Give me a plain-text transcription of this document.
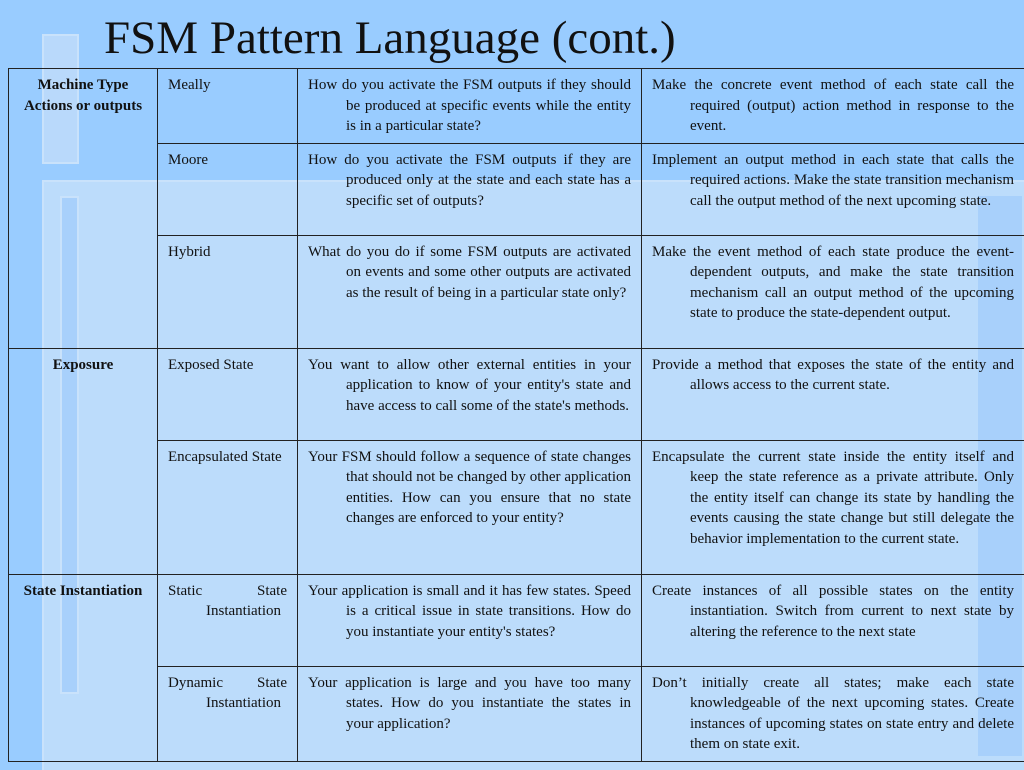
FSM Pattern Language (cont.)
Machine Type Actions or outputs	Meally	How do you activate the FSM outputs if they should be produced at specific events while the entity is in a particular state?	Make the concrete event method of each state call the required (output) action method in response to the event.

	Moore	How do you activate the FSM outputs if they are produced only at the state and each state has a specific set of outputs?	Implement an output method in each state that calls the required actions. Make the state transition mechanism call the output method of the next upcoming state.

	Hybrid	What do you do if some FSM outputs are activated on events and some other outputs are activated as the result of being in a particular state only?	Make the event method of each state produce the event-dependent outputs, and make the state transition mechanism call an output method of the upcoming state to produce the state-dependent output.

Exposure	Exposed State	You want to allow other external entities in your application to know of your entity's state and have access to call some of the state's methods.	Provide a method that exposes the state of the entity and allows access to the current state.

	Encapsulated State	Your FSM should follow a sequence of state changes that should not be changed by other application entities. How can you ensure that no state changes are enforced to your entity?	Encapsulate the current state inside the entity itself and keep the state reference as a private attribute. Only the entity itself can change its state by handling the events causing the state change but still delegate the behavior implementation to the current state.

State Instantiation	Static State Instantiation	Your application is small and it has few states. Speed is a critical issue in state transitions. How do you instantiate your entity's states?	Create instances of all possible states on the entity instantiation. Switch from current to next state by altering the reference to the next state

	Dynamic State Instantiation	Your application is large and you have too many states. How do you instantiate the states in your application?	Don’t initially create all states; make each state knowledgeable of the next upcoming states. Create instances of upcoming states on state entry and delete them on state exit.
